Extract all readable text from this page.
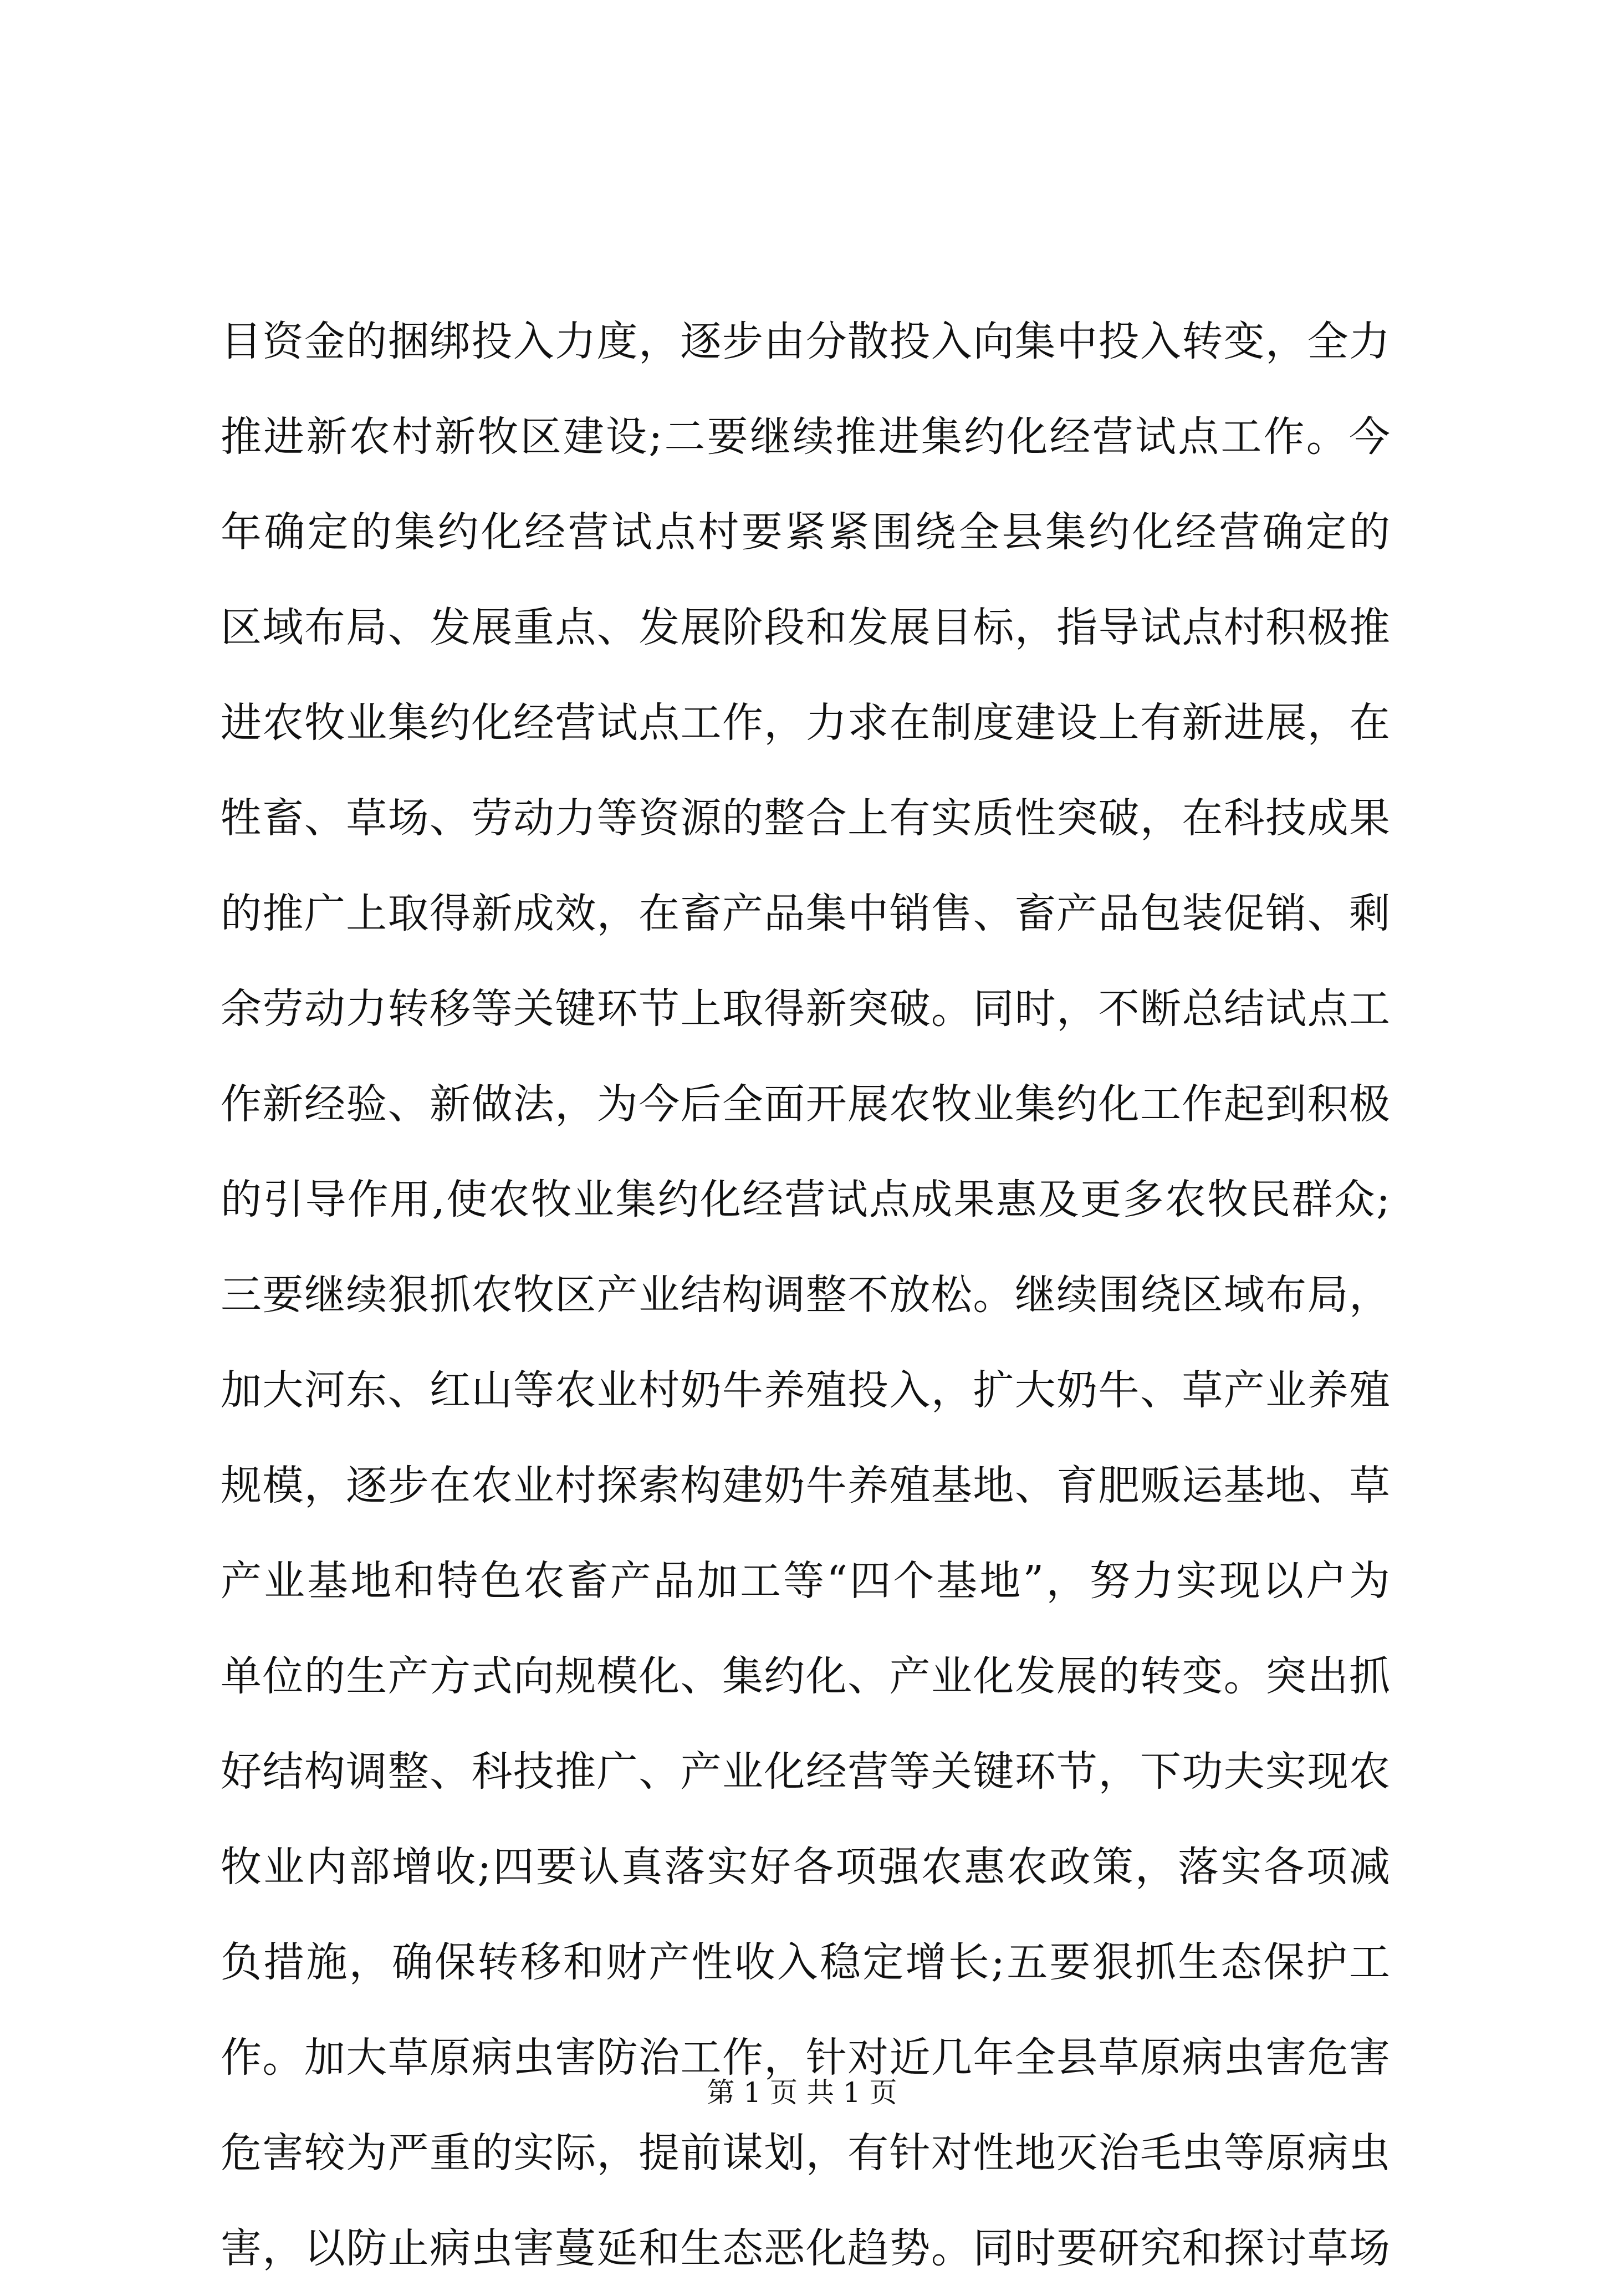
目资金的捆绑投入力度，逐步由分散投入向集中投入转变，全力
推进新农村新牧区建设;二要继续推进集约化经营试点工作。今
年确定的集约化经营试点村要紧紧围绕全县集约化经营确定的
区域布局、发展重点、发展阶段和发展目标，指导试点村积极推
进农牧业集约化经营试点工作，力求在制度建设上有新进展，在
牲畜、草场、劳动力等资源的整合上有实质性突破，在科技成果
的推广上取得新成效，在畜产品集中销售、畜产品包装促销、剩
余劳动力转移等关键环节上取得新突破。同时，不断总结试点工
作新经验、新做法，为今后全面开展农牧业集约化工作起到积极
的引导作用,使农牧业集约化经营试点成果惠及更多农牧民群众;
三要继续狠抓农牧区产业结构调整不放松。继续围绕区域布局，
加大河东、红山等农业村奶牛养殖投入，扩大奶牛、草产业养殖
规模，逐步在农业村探索构建奶牛养殖基地、育肥贩运基地、草
产业基地和特色农畜产品加工等“四个基地”，努力实现以户为
单位的生产方式向规模化、集约化、产业化发展的转变。突出抓
好结构调整、科技推广、产业化经营等关键环节，下功夫实现农
牧业内部增收;四要认真落实好各项强农惠农政策，落实各项减
负措施，确保转移和财产性收入稳定增长;五要狠抓生态保护工
作。加大草原病虫害防治工作，针对近几年全县草原病虫害危害
危害较为严重的实际，提前谋划，有针对性地灭治毛虫等原病虫
害，以防止病虫害蔓延和生态恶化趋势。同时要研究和探讨草场
第 1 页 共 1 页
